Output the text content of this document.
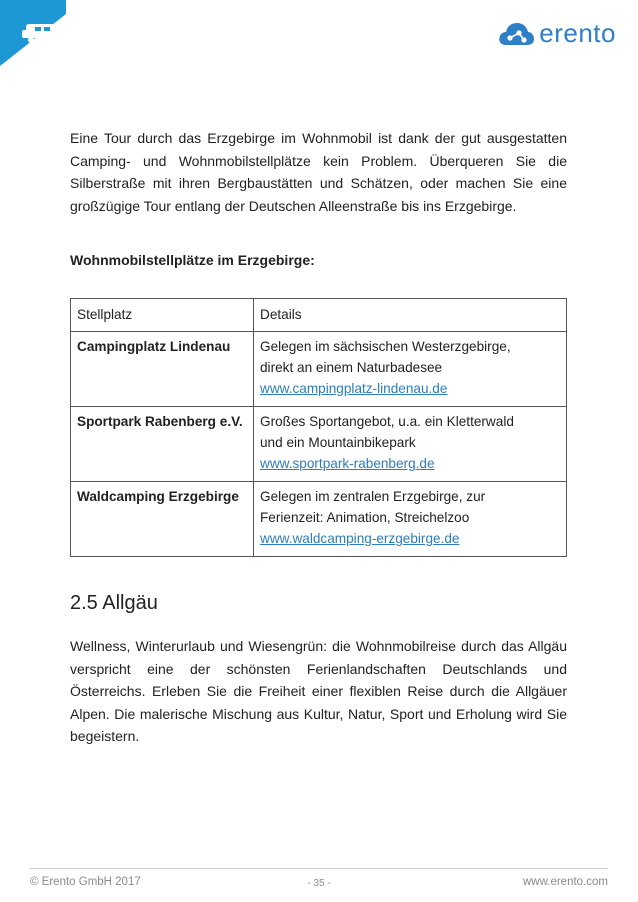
erento

Eine Tour durch das Erzgebirge im Wohnmobil ist dank der gut ausgestatten Camping- und Wohnmobilstellplätze kein Problem. Überqueren Sie die Silberstraße mit ihren Bergbaustätten und Schätzen, oder machen Sie eine großzügige Tour entlang der Deutschen Alleenstraße bis ins Erzgebirge.

Wohnmobilstellplätze im Erzgebirge:

Stellplatz	Details
Campingplatz Lindenau	Gelegen im sächsischen Westerzgebirge,
direkt an einem Naturbadesee
www.campingplatz-lindenau.de
Sportpark Rabenberg e.V.	Großes Sportangebot, u.a. ein Kletterwald
und ein Mountainbikepark
www.sportpark-rabenberg.de
Waldcamping Erzgebirge	Gelegen im zentralen Erzgebirge, zur
Ferienzeit: Animation, Streichelzoo
www.waldcamping-erzgebirge.de
2.5 Allgäu

Wellness, Winterurlaub und Wiesengrün: die Wohnmobilreise durch das Allgäu verspricht eine der schönsten Ferienlandschaften Deutschlands und Österreichs. Erleben Sie die Freiheit einer flexiblen Reise durch die Allgäuer Alpen. Die malerische Mischung aus Kultur, Natur, Sport und Erholung wird Sie begeistern.

© Erento GmbH 2017	- 35 -	www.erento.com
